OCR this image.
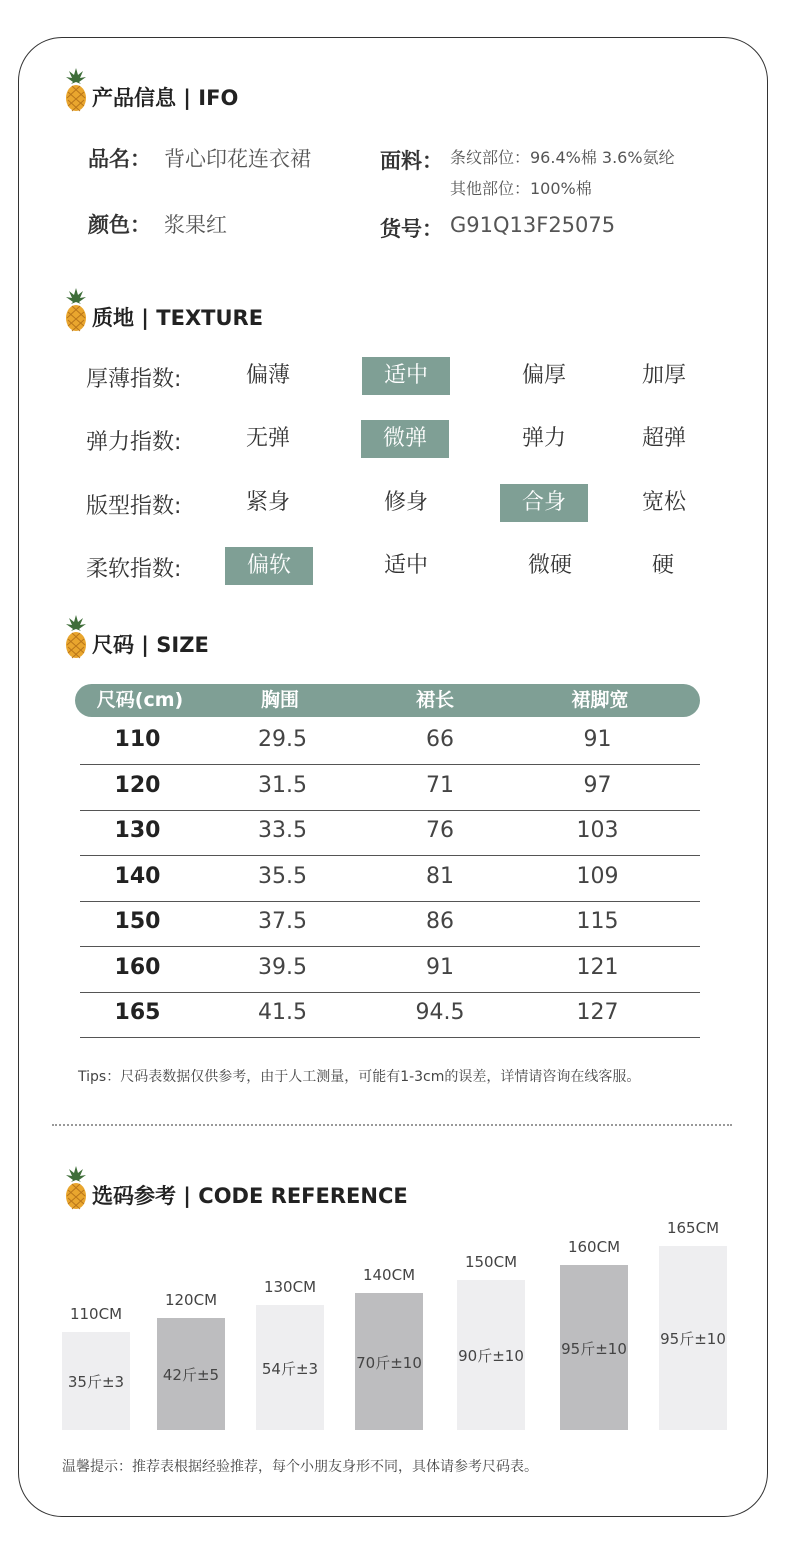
产品信息 | IFO
品名： 背心印花连衣裙
颜色： 浆果红
面料： 条纹部位：96.4%棉 3.6%氨纶
其他部位：100%棉
货号： G91Q13F25075
质地 | TEXTURE
厚薄指数:	偏薄	适中	偏厚	加厚
弹力指数:	无弹	微弹	弹力	超弹
版型指数:	紧身	修身	合身	宽松
柔软指数:	偏软	适中	微硬	硬
尺码 | SIZE
尺码(cm)	胸围	裙长	裙脚宽
110	29.5	66	91
120	31.5	71	97
130	33.5	76	103
140	35.5	81	109
150	37.5	86	115
160	39.5	91	121
165	41.5	94.5	127
Tips：尺码表数据仅供参考，由于人工测量，可能有1-3cm的误差，详情请咨询在线客服。
选码参考 | CODE REFERENCE
110CM
35斤±3
120CM
42斤±5
130CM
54斤±3
140CM
70斤±10
150CM
90斤±10
160CM
95斤±10
165CM
95斤±10
温馨提示：推荐表根据经验推荐，每个小朋友身形不同，具体请参考尺码表。
